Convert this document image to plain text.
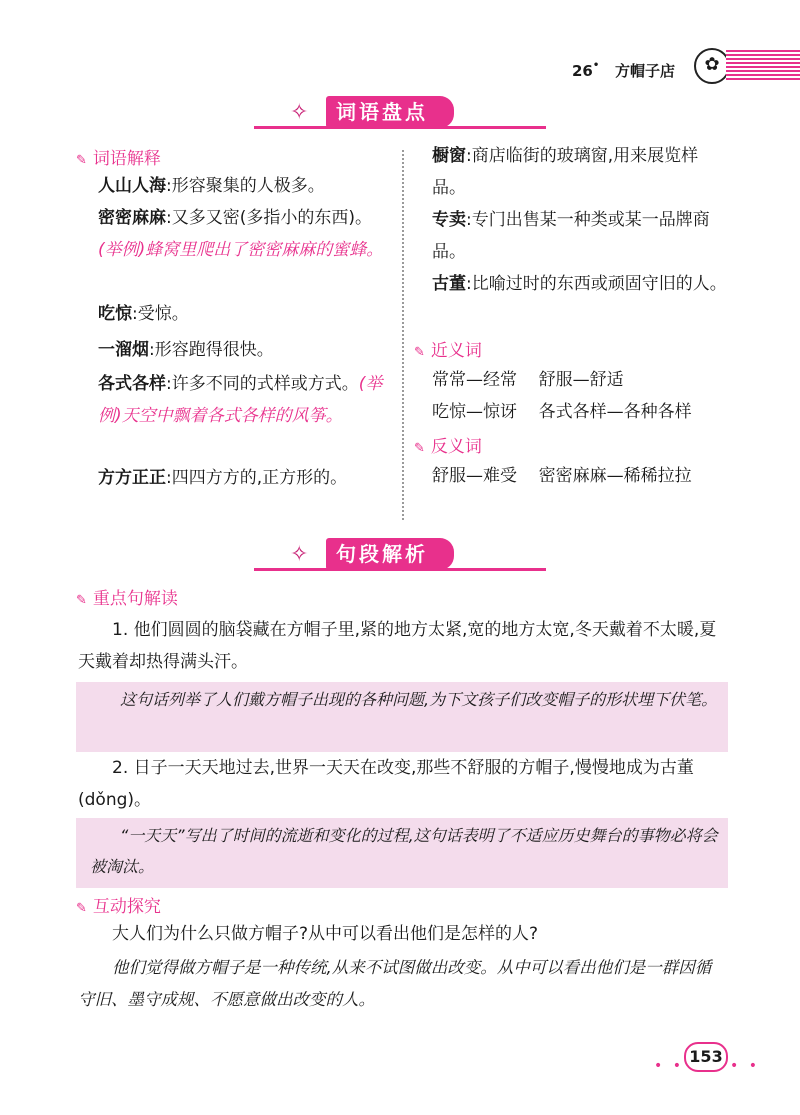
26• 方帽子店	✿
✧	词语盘点
✎ 词语解释
人山人海:形容聚集的人极多。
密密麻麻:又多又密(多指小的东西)。(举例)蜂窝里爬出了密密麻麻的蜜蜂。
吃惊:受惊。
一溜烟:形容跑得很快。
各式各样:许多不同的式样或方式。(举例)天空中飘着各式各样的风筝。
方方正正:四四方方的,正方形的。
橱窗:商店临街的玻璃窗,用来展览样品。
专卖:专门出售某一种类或某一品牌商品。
古董:比喻过时的东西或顽固守旧的人。
✎ 近义词
常常—经常 舒服—舒适
吃惊—惊讶 各式各样—各种各样
✎ 反义词
舒服—难受 密密麻麻—稀稀拉拉
✧	句段解析
✎ 重点句解读
1. 他们圆圆的脑袋藏在方帽子里,紧的地方太紧,宽的地方太宽,冬天戴着不太暖,夏天戴着却热得满头汗。
这句话列举了人们戴方帽子出现的各种问题,为下文孩子们改变帽子的形状埋下伏笔。
2. 日子一天天地过去,世界一天天在改变,那些不舒服的方帽子,慢慢地成为古董(dǒng)。
“一天天”写出了时间的流逝和变化的过程,这句话表明了不适应历史舞台的事物必将会被淘汰。
✎ 互动探究
大人们为什么只做方帽子?从中可以看出他们是怎样的人?
他们觉得做方帽子是一种传统,从来不试图做出改变。从中可以看出他们是一群因循守旧、墨守成规、不愿意做出改变的人。
• • 153 • •
